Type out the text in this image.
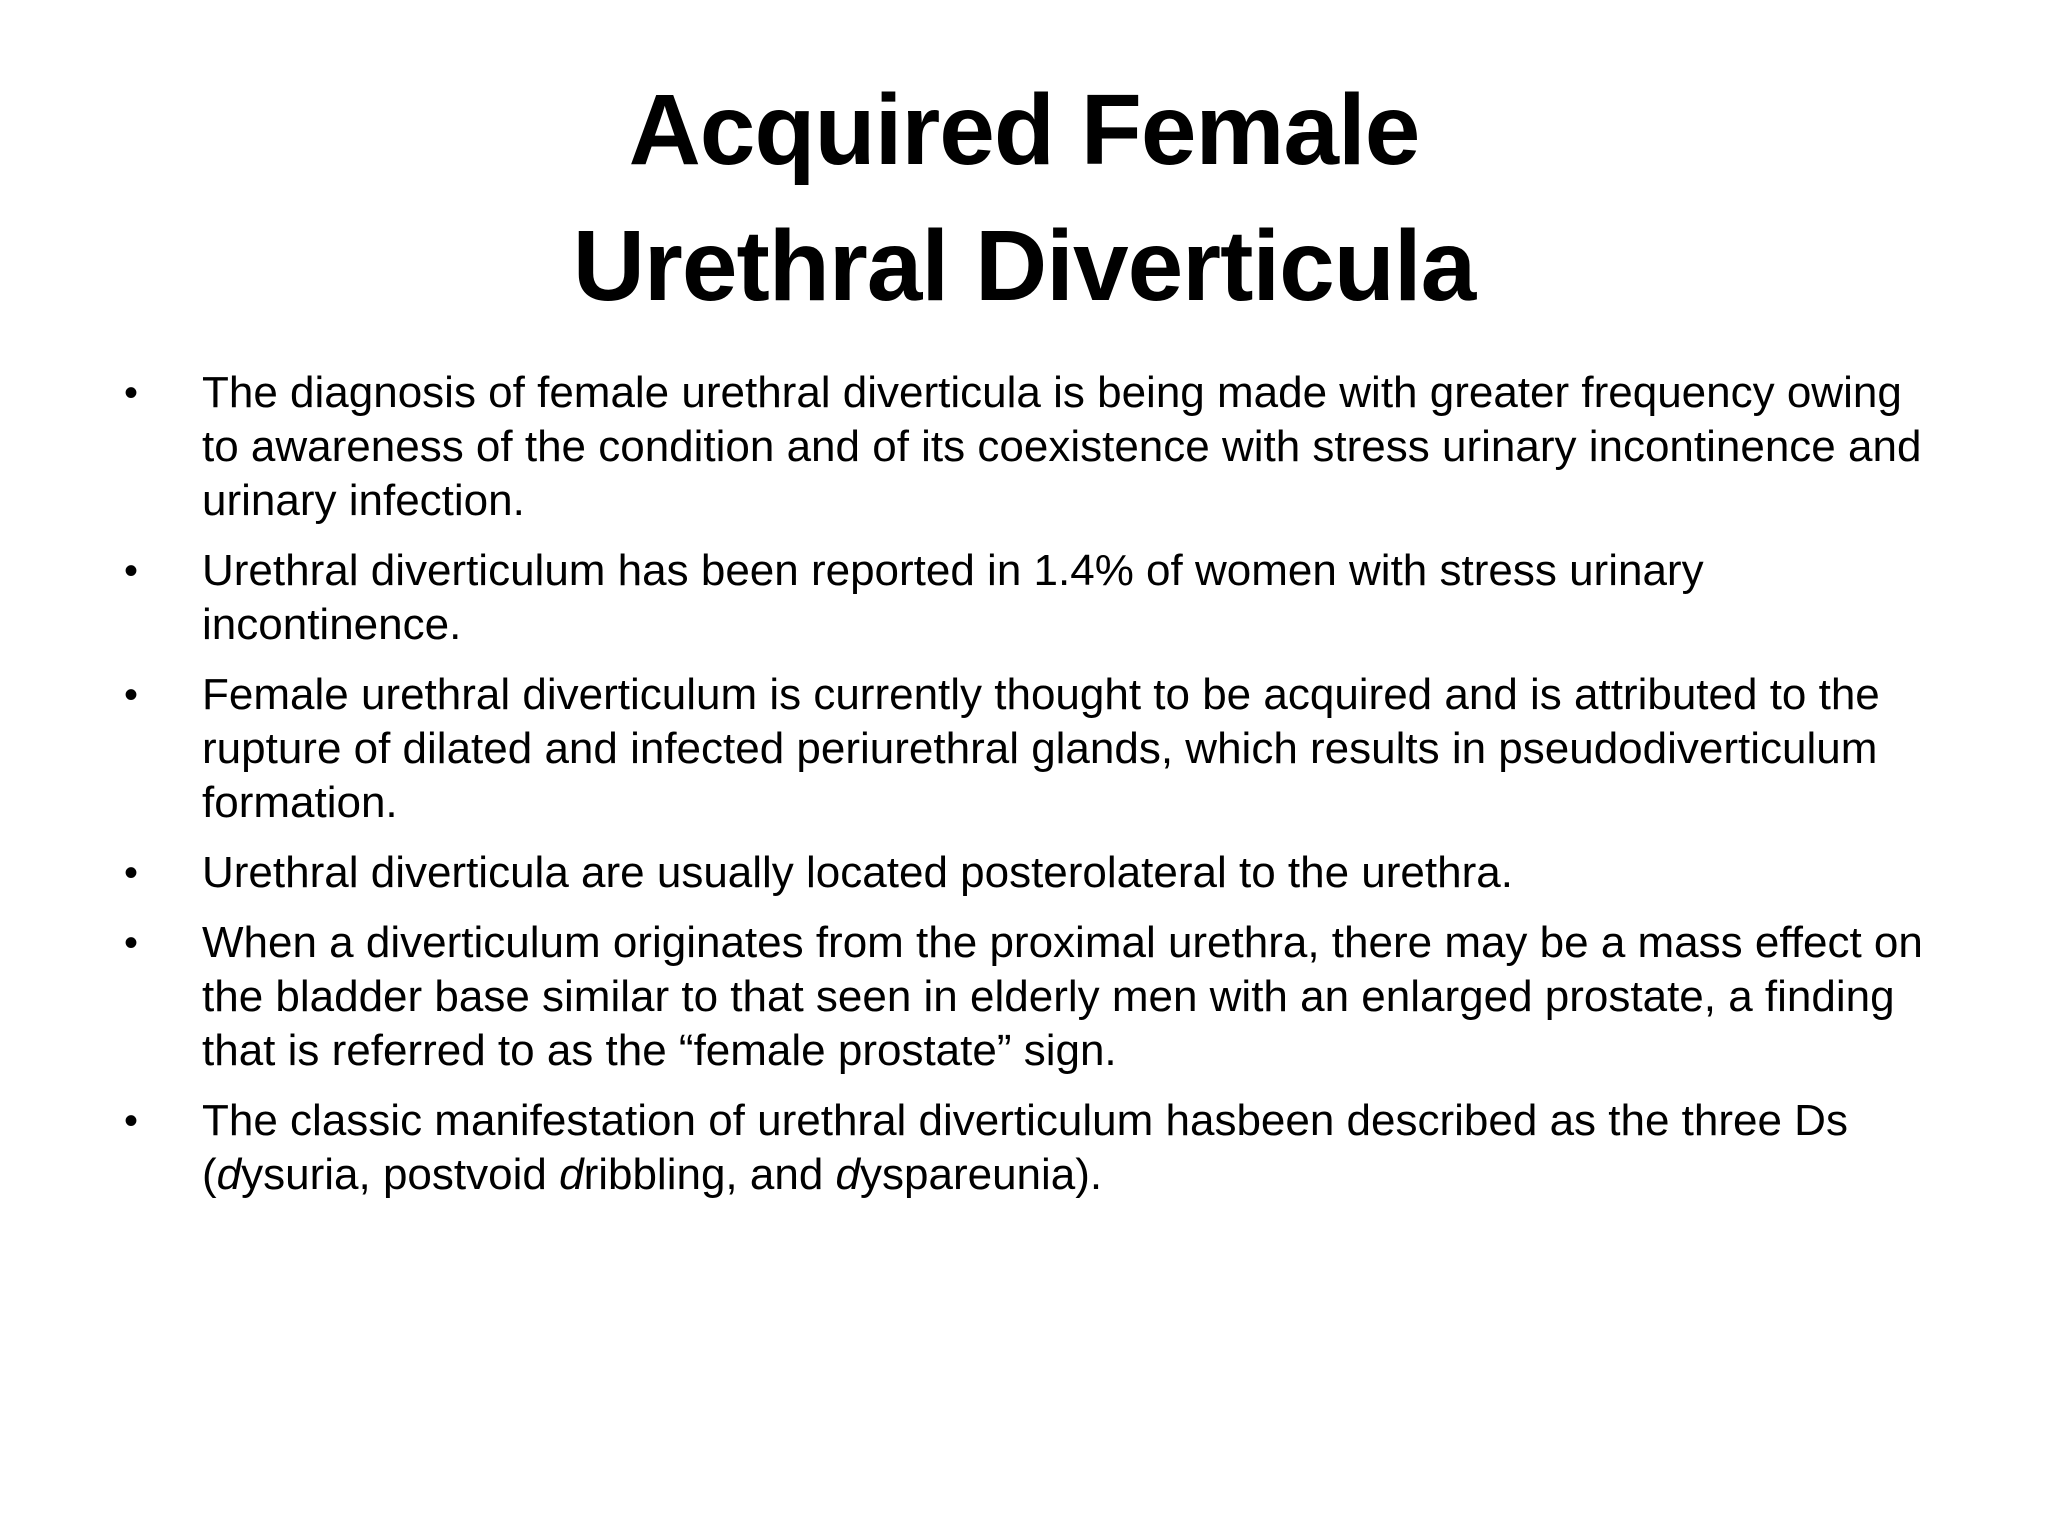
Acquired Female
Urethral Diverticula
•	The diagnosis of female urethral diverticula is being made with greater frequency owing to awareness of the condition and of its coexistence with stress urinary incontinence and urinary infection.
•	Urethral diverticulum has been reported in 1.4% of women with stress urinary incontinence.
•	Female urethral diverticulum is currently thought to be acquired and is attributed to the rupture of dilated and infected periurethral glands, which results in pseudodiverticulum formation.
•	Urethral diverticula are usually located posterolateral to the urethra.
•	When a diverticulum originates from the proximal urethra, there may be a mass effect on the bladder base similar to that seen in elderly men with an enlarged prostate, a finding that is referred to as the “female prostate” sign.
•	The classic manifestation of urethral diverticulum hasbeen described as the three Ds (dysuria, postvoid dribbling, and dyspareunia).
